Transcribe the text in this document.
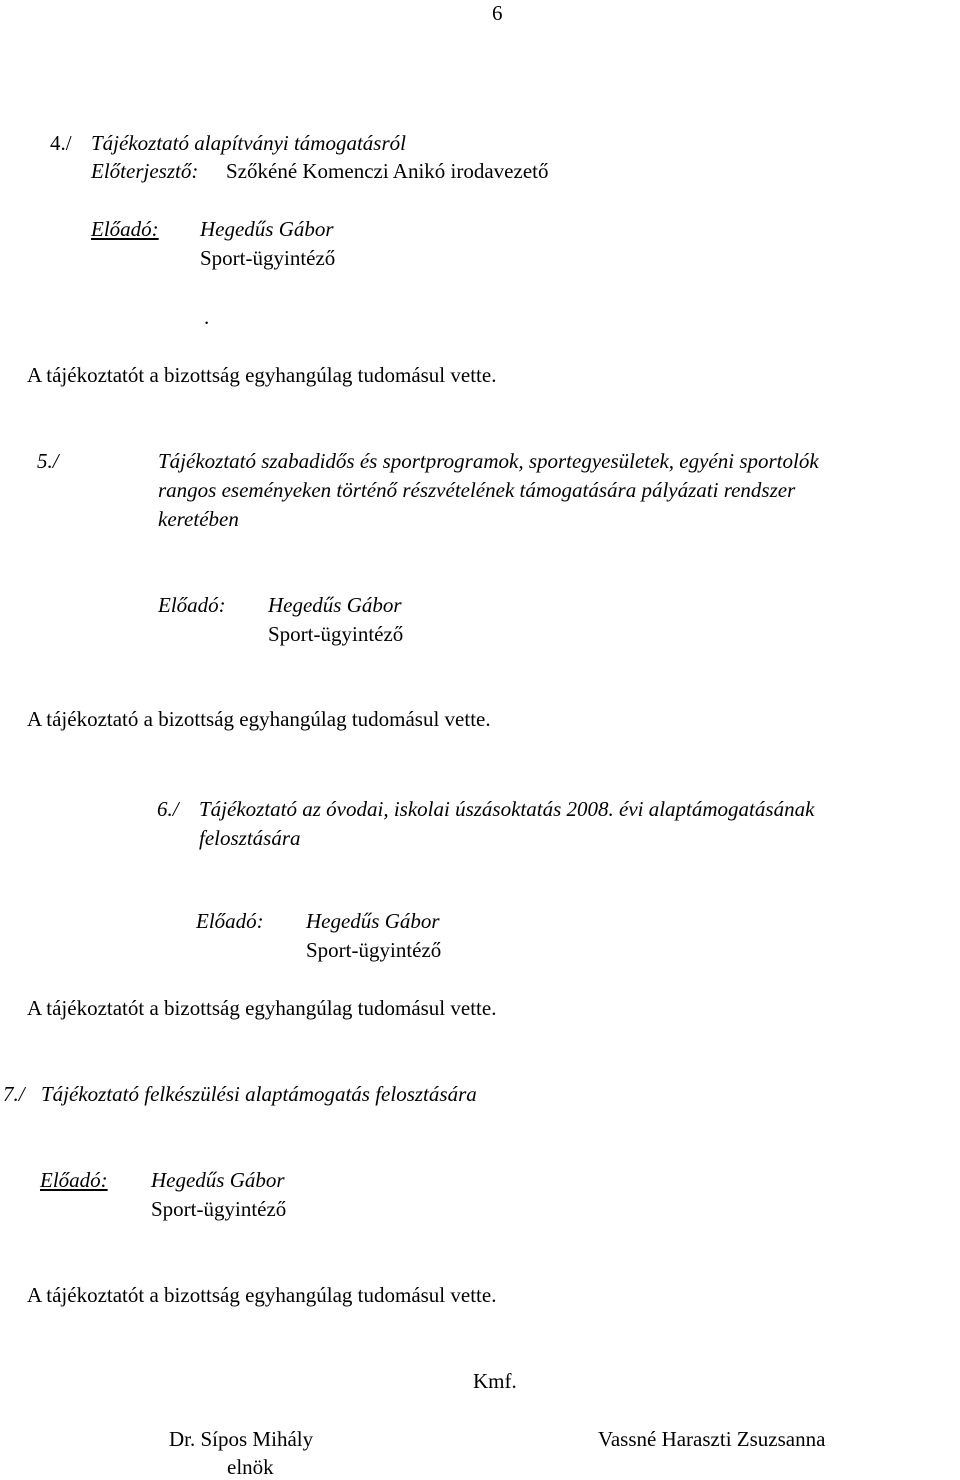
6
4./ Tájékoztató alapítványi támogatásról
Előterjesztő: Szőkéné Komenczi Anikó irodavezető
Előadó: Hegedűs Gábor
Sport-ügyintéző
.
A tájékoztatót a bizottság egyhangúlag tudomásul vette.
5./	Tájékoztató szabadidős és sportprogramok, sportegyesületek, egyéni sportolók
rangos eseményeken történő részvételének támogatására pályázati rendszer
keretében
Előadó: Hegedűs Gábor
Sport-ügyintéző
A tájékoztató a bizottság egyhangúlag tudomásul vette.
6./ Tájékoztató az óvodai, iskolai úszásoktatás 2008. évi alaptámogatásának
felosztására
Előadó: Hegedűs Gábor
Sport-ügyintéző
A tájékoztatót a bizottság egyhangúlag tudomásul vette.
7./ Tájékoztató felkészülési alaptámogatás felosztására
Előadó: Hegedűs Gábor
Sport-ügyintéző
A tájékoztatót a bizottság egyhangúlag tudomásul vette.
Kmf.
Dr. Sípos Mihály
elnök
Vassné Haraszti Zsuzsanna
